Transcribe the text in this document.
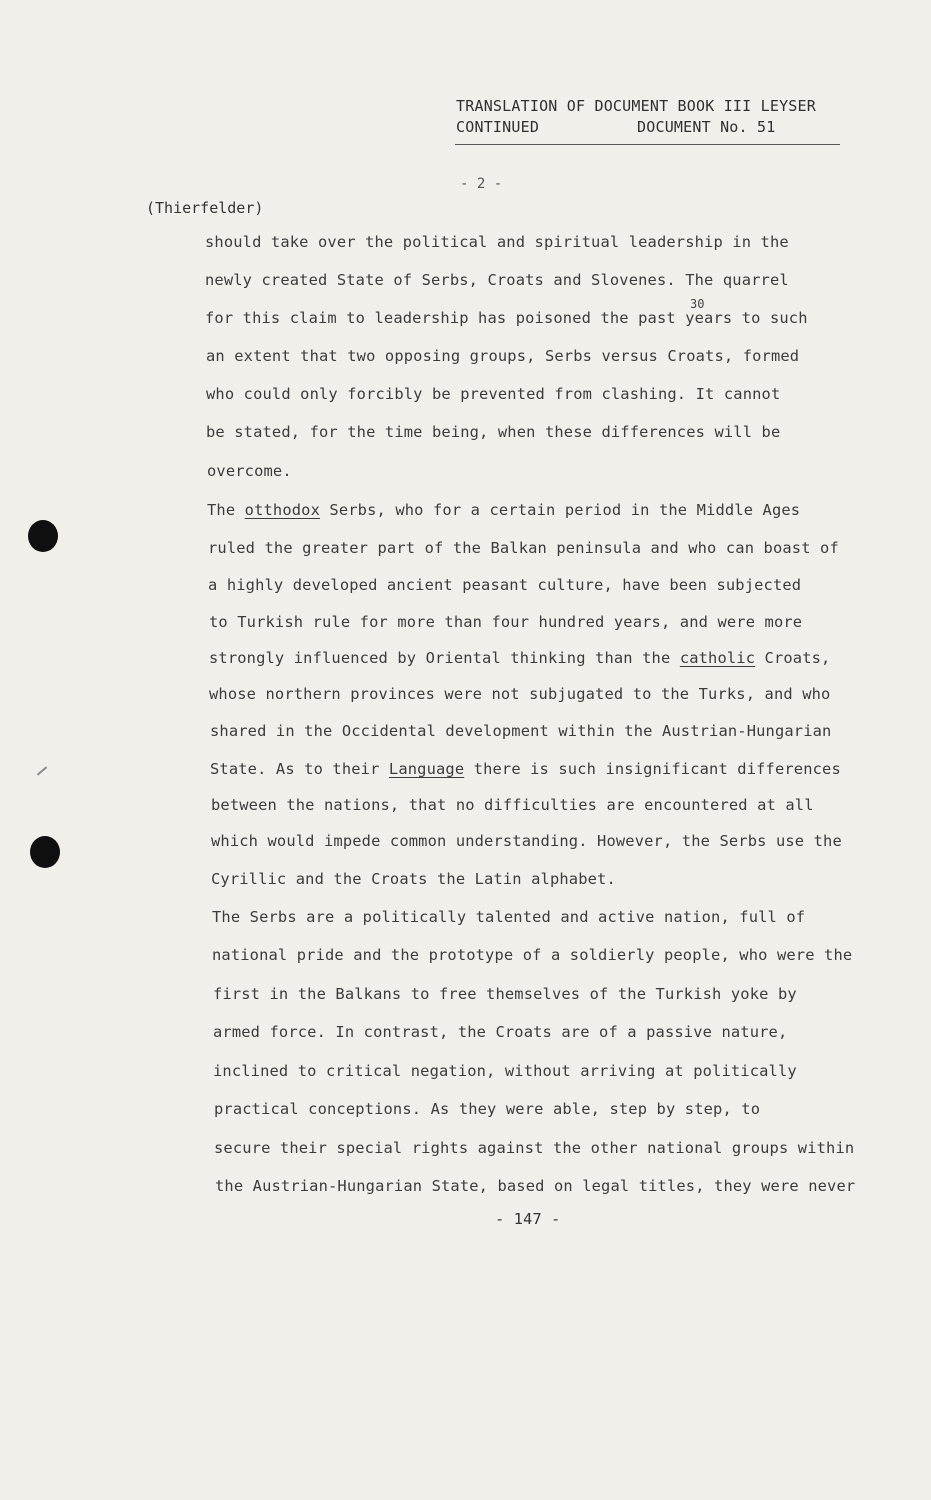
TRANSLATION OF DOCUMENT BOOK III LEYSER
CONTINUED	DOCUMENT No. 51
- 2 -
(Thierfelder)
should take over the political and spiritual leadership in the
newly created State of Serbs, Croats and Slovenes. The quarrel
30
for this claim to leadership has poisoned the past years to such
an extent that two opposing groups, Serbs versus Croats, formed
who could only forcibly be prevented from clashing. It cannot
be stated, for the time being, when these differences will be
overcome.
The otthodox Serbs, who for a certain period in the Middle Ages
ruled the greater part of the Balkan peninsula and who can boast of
a highly developed ancient peasant culture, have been subjected
to Turkish rule for more than four hundred years, and were more
strongly influenced by Oriental thinking than the catholic Croats,
whose northern provinces were not subjugated to the Turks, and who
shared in the Occidental development within the Austrian-Hungarian
State. As to their Language there is such insignificant differences
between the nations, that no difficulties are encountered at all
which would impede common understanding. However, the Serbs use the
Cyrillic and the Croats the Latin alphabet.
The Serbs are a politically talented and active nation, full of
national pride and the prototype of a soldierly people, who were the
first in the Balkans to free themselves of the Turkish yoke by
armed force. In contrast, the Croats are of a passive nature,
inclined to critical negation, without arriving at politically
practical conceptions. As they were able, step by step, to
secure their special rights against the other national groups within
the Austrian-Hungarian State, based on legal titles, they were never
- 147 -
